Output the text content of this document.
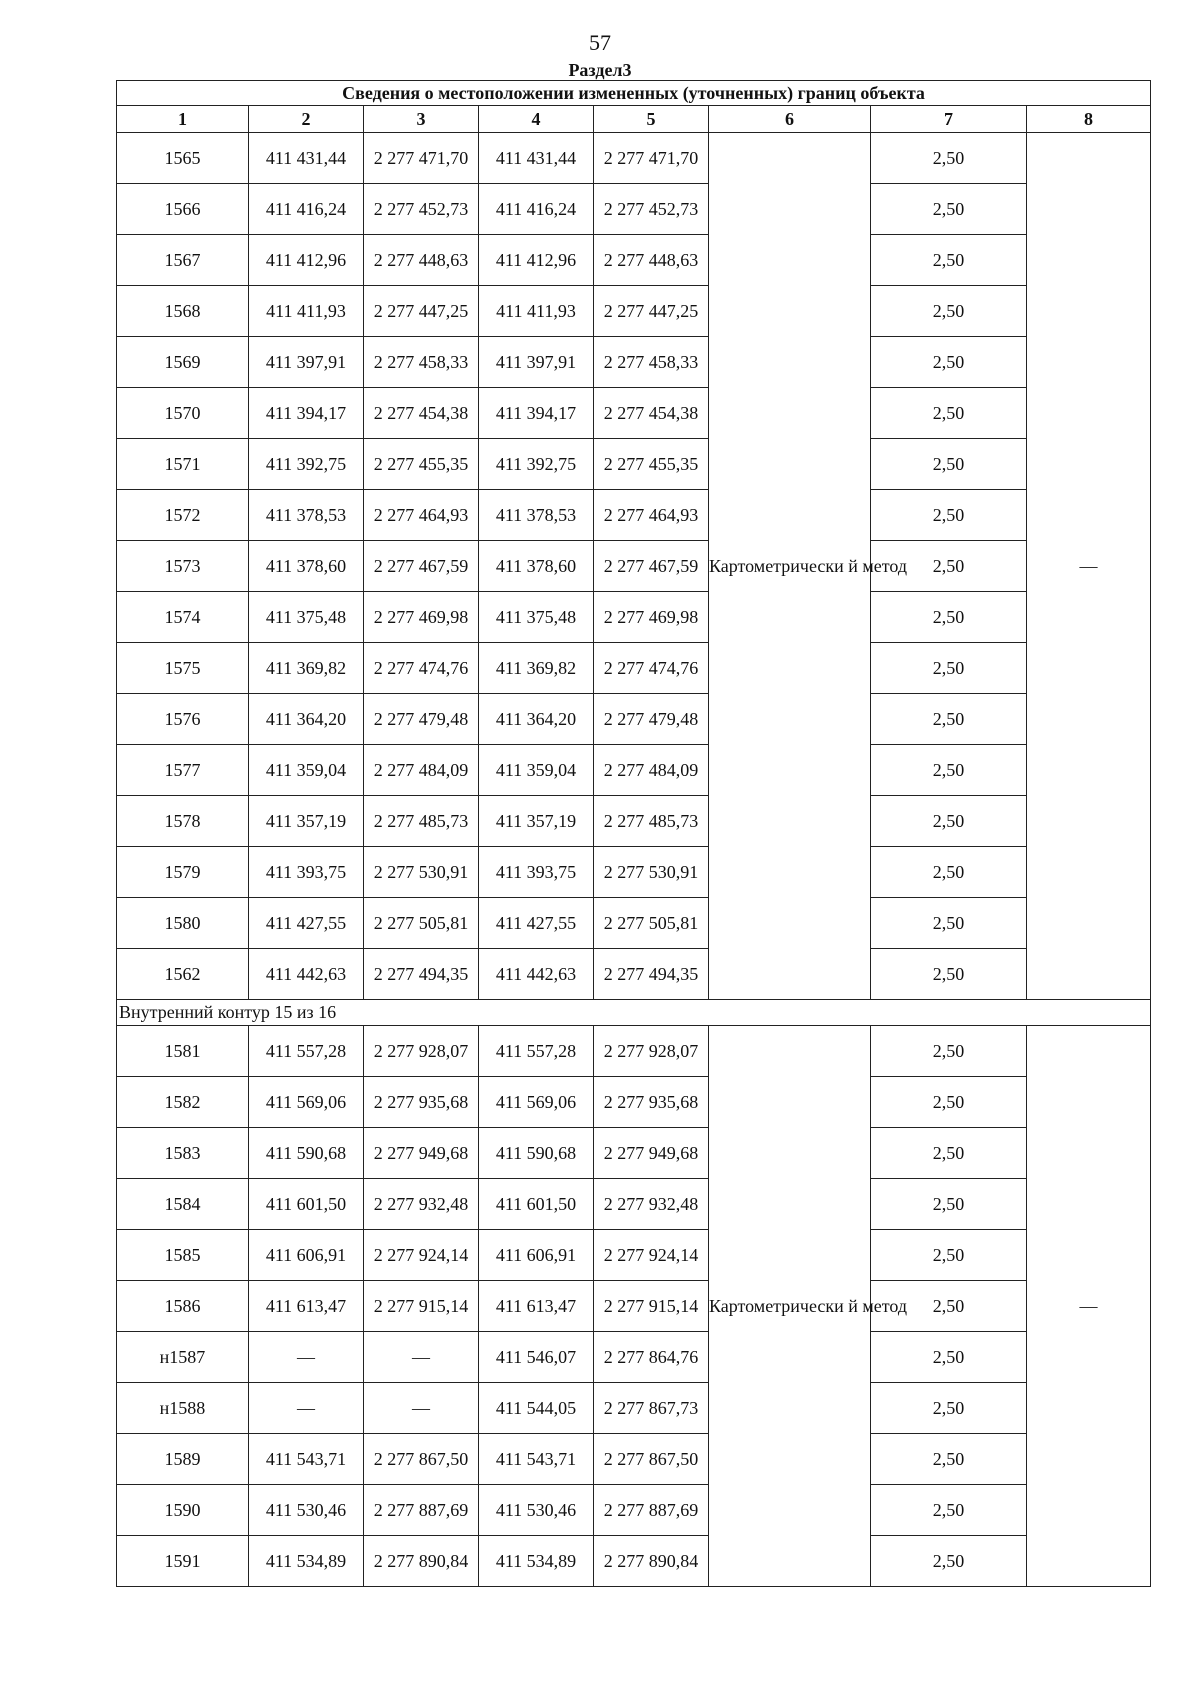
57
Раздел3
Сведения о местоположении измененных (уточненных) границ объекта							
1	2	3	4	5	6	7	8
1565	411 431,44	2 277 471,70	411 431,44	2 277 471,70	Картометрически й метод	2,50	—
1566	411 416,24	2 277 452,73	411 416,24	2 277 452,73		2,50	
1567	411 412,96	2 277 448,63	411 412,96	2 277 448,63		2,50	
1568	411 411,93	2 277 447,25	411 411,93	2 277 447,25		2,50	
1569	411 397,91	2 277 458,33	411 397,91	2 277 458,33		2,50	
1570	411 394,17	2 277 454,38	411 394,17	2 277 454,38		2,50	
1571	411 392,75	2 277 455,35	411 392,75	2 277 455,35		2,50	
1572	411 378,53	2 277 464,93	411 378,53	2 277 464,93		2,50	
1573	411 378,60	2 277 467,59	411 378,60	2 277 467,59		2,50	
1574	411 375,48	2 277 469,98	411 375,48	2 277 469,98		2,50	
1575	411 369,82	2 277 474,76	411 369,82	2 277 474,76		2,50	
1576	411 364,20	2 277 479,48	411 364,20	2 277 479,48		2,50	
1577	411 359,04	2 277 484,09	411 359,04	2 277 484,09		2,50	
1578	411 357,19	2 277 485,73	411 357,19	2 277 485,73		2,50	
1579	411 393,75	2 277 530,91	411 393,75	2 277 530,91		2,50	
1580	411 427,55	2 277 505,81	411 427,55	2 277 505,81		2,50	
1562	411 442,63	2 277 494,35	411 442,63	2 277 494,35		2,50	
Внутренний контур 15 из 16							
1581	411 557,28	2 277 928,07	411 557,28	2 277 928,07	Картометрически й метод	2,50	—
1582	411 569,06	2 277 935,68	411 569,06	2 277 935,68		2,50	
1583	411 590,68	2 277 949,68	411 590,68	2 277 949,68		2,50	
1584	411 601,50	2 277 932,48	411 601,50	2 277 932,48		2,50	
1585	411 606,91	2 277 924,14	411 606,91	2 277 924,14		2,50	
1586	411 613,47	2 277 915,14	411 613,47	2 277 915,14		2,50	
н1587	—	—	411 546,07	2 277 864,76		2,50	
н1588	—	—	411 544,05	2 277 867,73		2,50	
1589	411 543,71	2 277 867,50	411 543,71	2 277 867,50		2,50	
1590	411 530,46	2 277 887,69	411 530,46	2 277 887,69		2,50	
1591	411 534,89	2 277 890,84	411 534,89	2 277 890,84		2,50	
